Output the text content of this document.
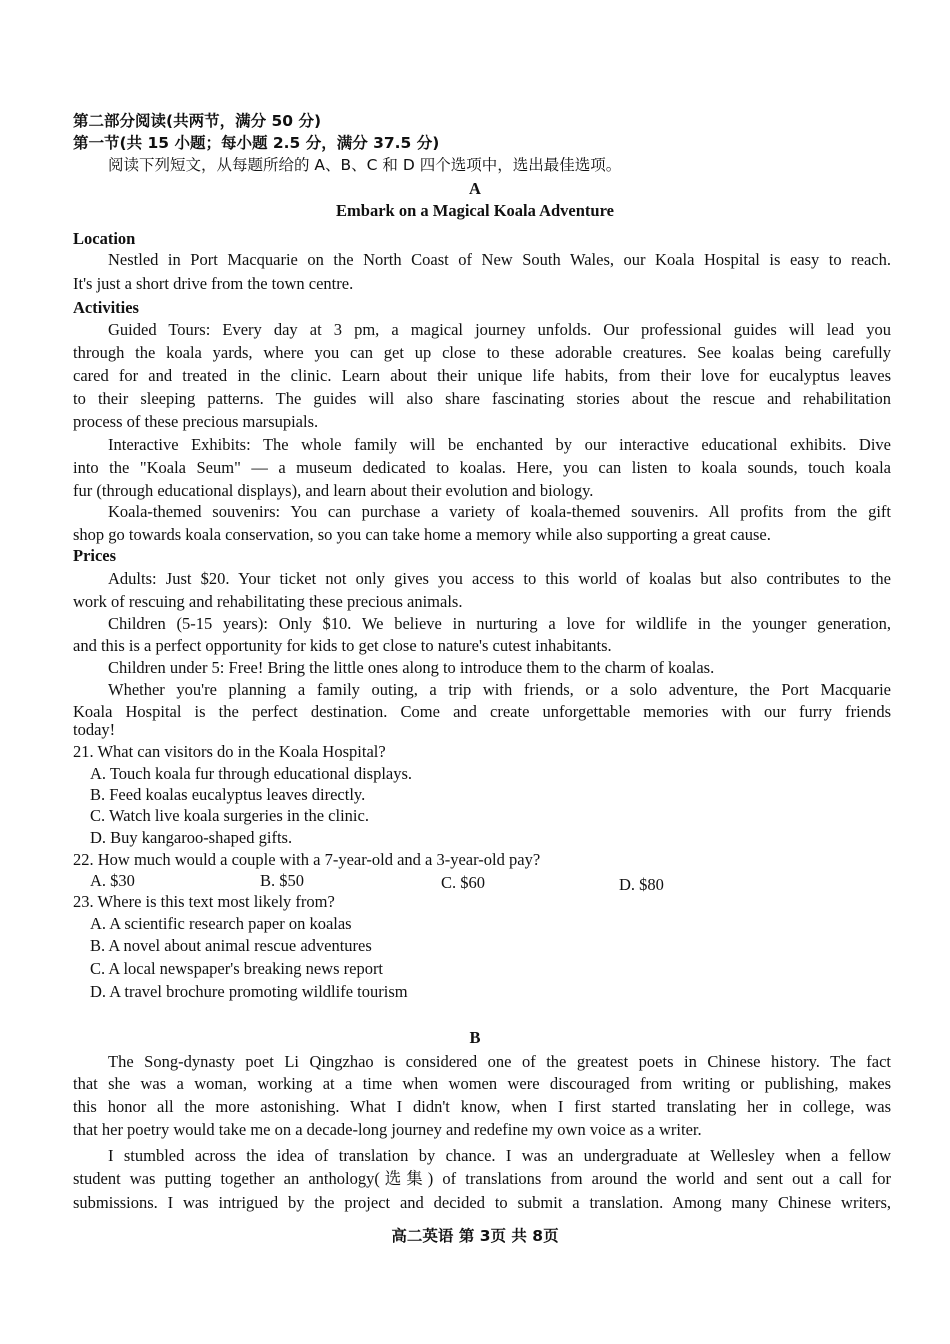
第二部分阅读(共两节，满分 50 分)
第一节(共 15 小题；每小题 2.5 分，满分 37.5 分)
阅读下列短文，从每题所给的 A、B、C 和 D 四个选项中，选出最佳选项。
A
Embark on a Magical Koala Adventure
Location
Nestled in Port Macquarie on the North Coast of New South Wales, our Koala Hospital is easy to reach.
It's just a short drive from the town centre.
Activities
Guided Tours: Every day at 3 pm, a magical journey unfolds. Our professional guides will lead you
through the koala yards, where you can get up close to these adorable creatures. See koalas being carefully
cared for and treated in the clinic. Learn about their unique life habits, from their love for eucalyptus leaves
to their sleeping patterns. The guides will also share fascinating stories about the rescue and rehabilitation
process of these precious marsupials.
Interactive Exhibits: The whole family will be enchanted by our interactive educational exhibits. Dive
into the "Koala Seum" — a museum dedicated to koalas. Here, you can listen to koala sounds, touch koala
fur (through educational displays), and learn about their evolution and biology.
Koala-themed souvenirs: You can purchase a variety of koala-themed souvenirs. All profits from the gift
shop go towards koala conservation, so you can take home a memory while also supporting a great cause.
Prices
Adults: Just $20. Your ticket not only gives you access to this world of koalas but also contributes to the
work of rescuing and rehabilitating these precious animals.
Children (5-15 years): Only $10. We believe in nurturing a love for wildlife in the younger generation,
and this is a perfect opportunity for kids to get close to nature's cutest inhabitants.
Children under 5: Free! Bring the little ones along to introduce them to the charm of koalas.
Whether you're planning a family outing, a trip with friends, or a solo adventure, the Port Macquarie
Koala Hospital is the perfect destination. Come and create unforgettable memories with our furry friends
today!
21. What can visitors do in the Koala Hospital?
A. Touch koala fur through educational displays.
B. Feed koalas eucalyptus leaves directly.
C. Watch live koala surgeries in the clinic.
D. Buy kangaroo-shaped gifts.
22. How much would a couple with a 7-year-old and a 3-year-old pay?
A. $30	B. $50	C. $60	D. $80
23. Where is this text most likely from?
A. A scientific research paper on koalas
B. A novel about animal rescue adventures
C. A local newspaper's breaking news report
D. A travel brochure promoting wildlife tourism
B
The Song-dynasty poet Li Qingzhao is considered one of the greatest poets in Chinese history. The fact
that she was a woman, working at a time when women were discouraged from writing or publishing, makes
this honor all the more astonishing. What I didn't know, when I first started translating her in college, was
that her poetry would take me on a decade-long journey and redefine my own voice as a writer.
I stumbled across the idea of translation by chance. I was an undergraduate at Wellesley when a fellow
student was putting together an anthology(选集) of translations from around the world and sent out a call for
submissions. I was intrigued by the project and decided to submit a translation. Among many Chinese writers,
高二英语 第 3页 共 8页
